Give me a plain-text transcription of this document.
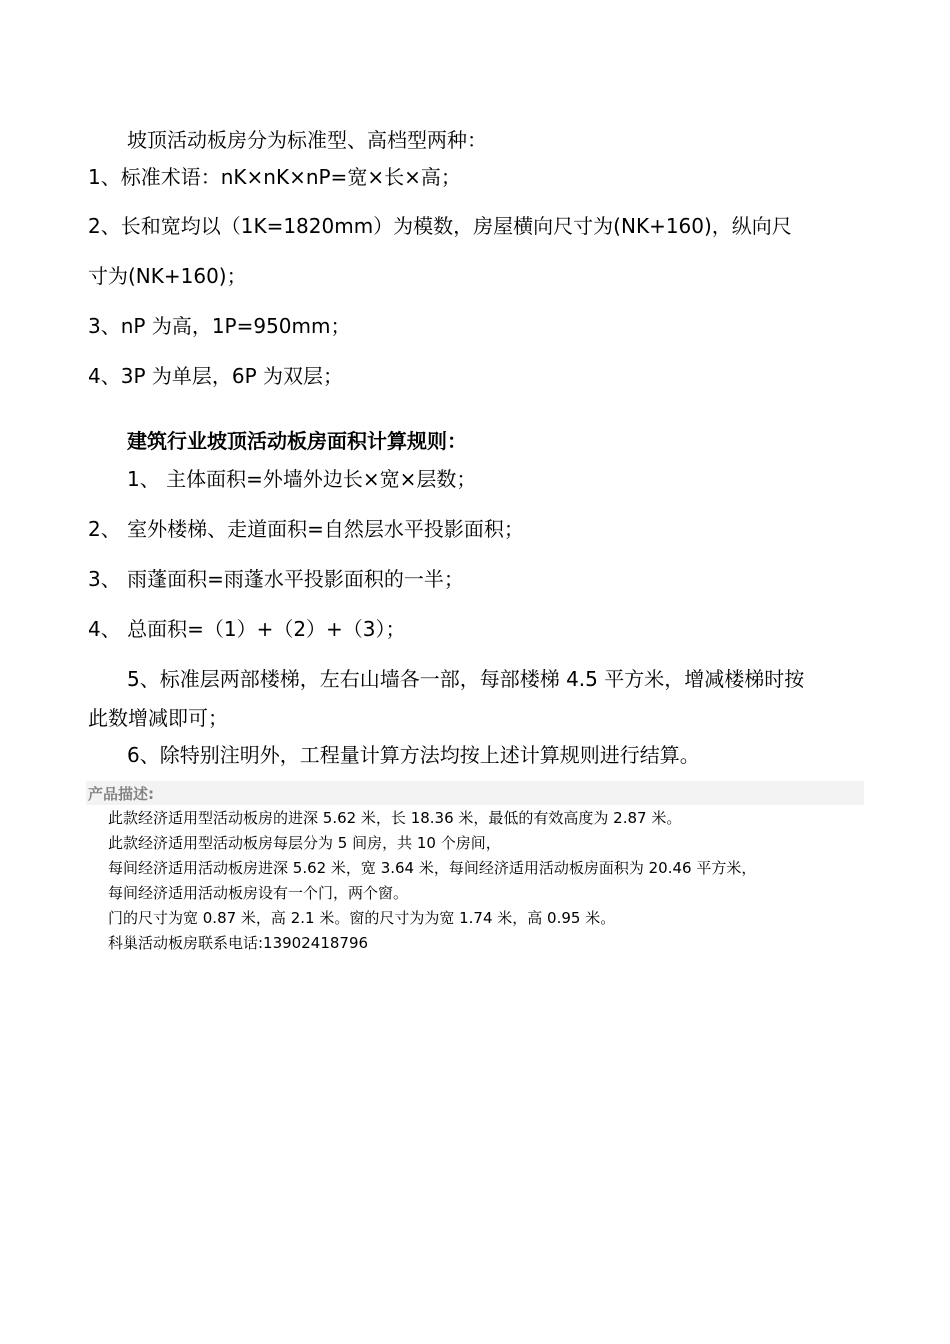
坡顶活动板房分为标准型、高档型两种：

1、标准术语：nK×nK×nP=宽×长×高；

2、长和宽均以（1K=1820mm）为模数，房屋横向尺寸为(NK+160)，纵向尺

寸为(NK+160)；

3、nP 为高，1P=950mm；

4、3P 为单层，6P 为双层；

建筑行业坡顶活动板房面积计算规则：

1、 主体面积=外墙外边长×宽×层数；

2、 室外楼梯、走道面积=自然层水平投影面积；

3、 雨蓬面积=雨蓬水平投影面积的一半；

4、 总面积=（1）+（2）+（3）；

5、标准层两部楼梯，左右山墙各一部，每部楼梯 4.5 平方米，增减楼梯时按

此数增减即可；

6、除特别注明外，工程量计算方法均按上述计算规则进行结算。

产品描述:
此款经济适用型活动板房的进深 5.62 米，长 18.36 米，最低的有效高度为 2.87 米。
此款经济适用型活动板房每层分为 5 间房，共 10 个房间，
每间经济适用活动板房进深 5.62 米，宽 3.64 米，每间经济适用活动板房面积为 20.46 平方米，
每间经济适用活动板房设有一个门，两个窗。
门的尺寸为宽 0.87 米，高 2.1 米。窗的尺寸为为宽 1.74 米，高 0.95 米。
科巢活动板房联系电话:13902418796
